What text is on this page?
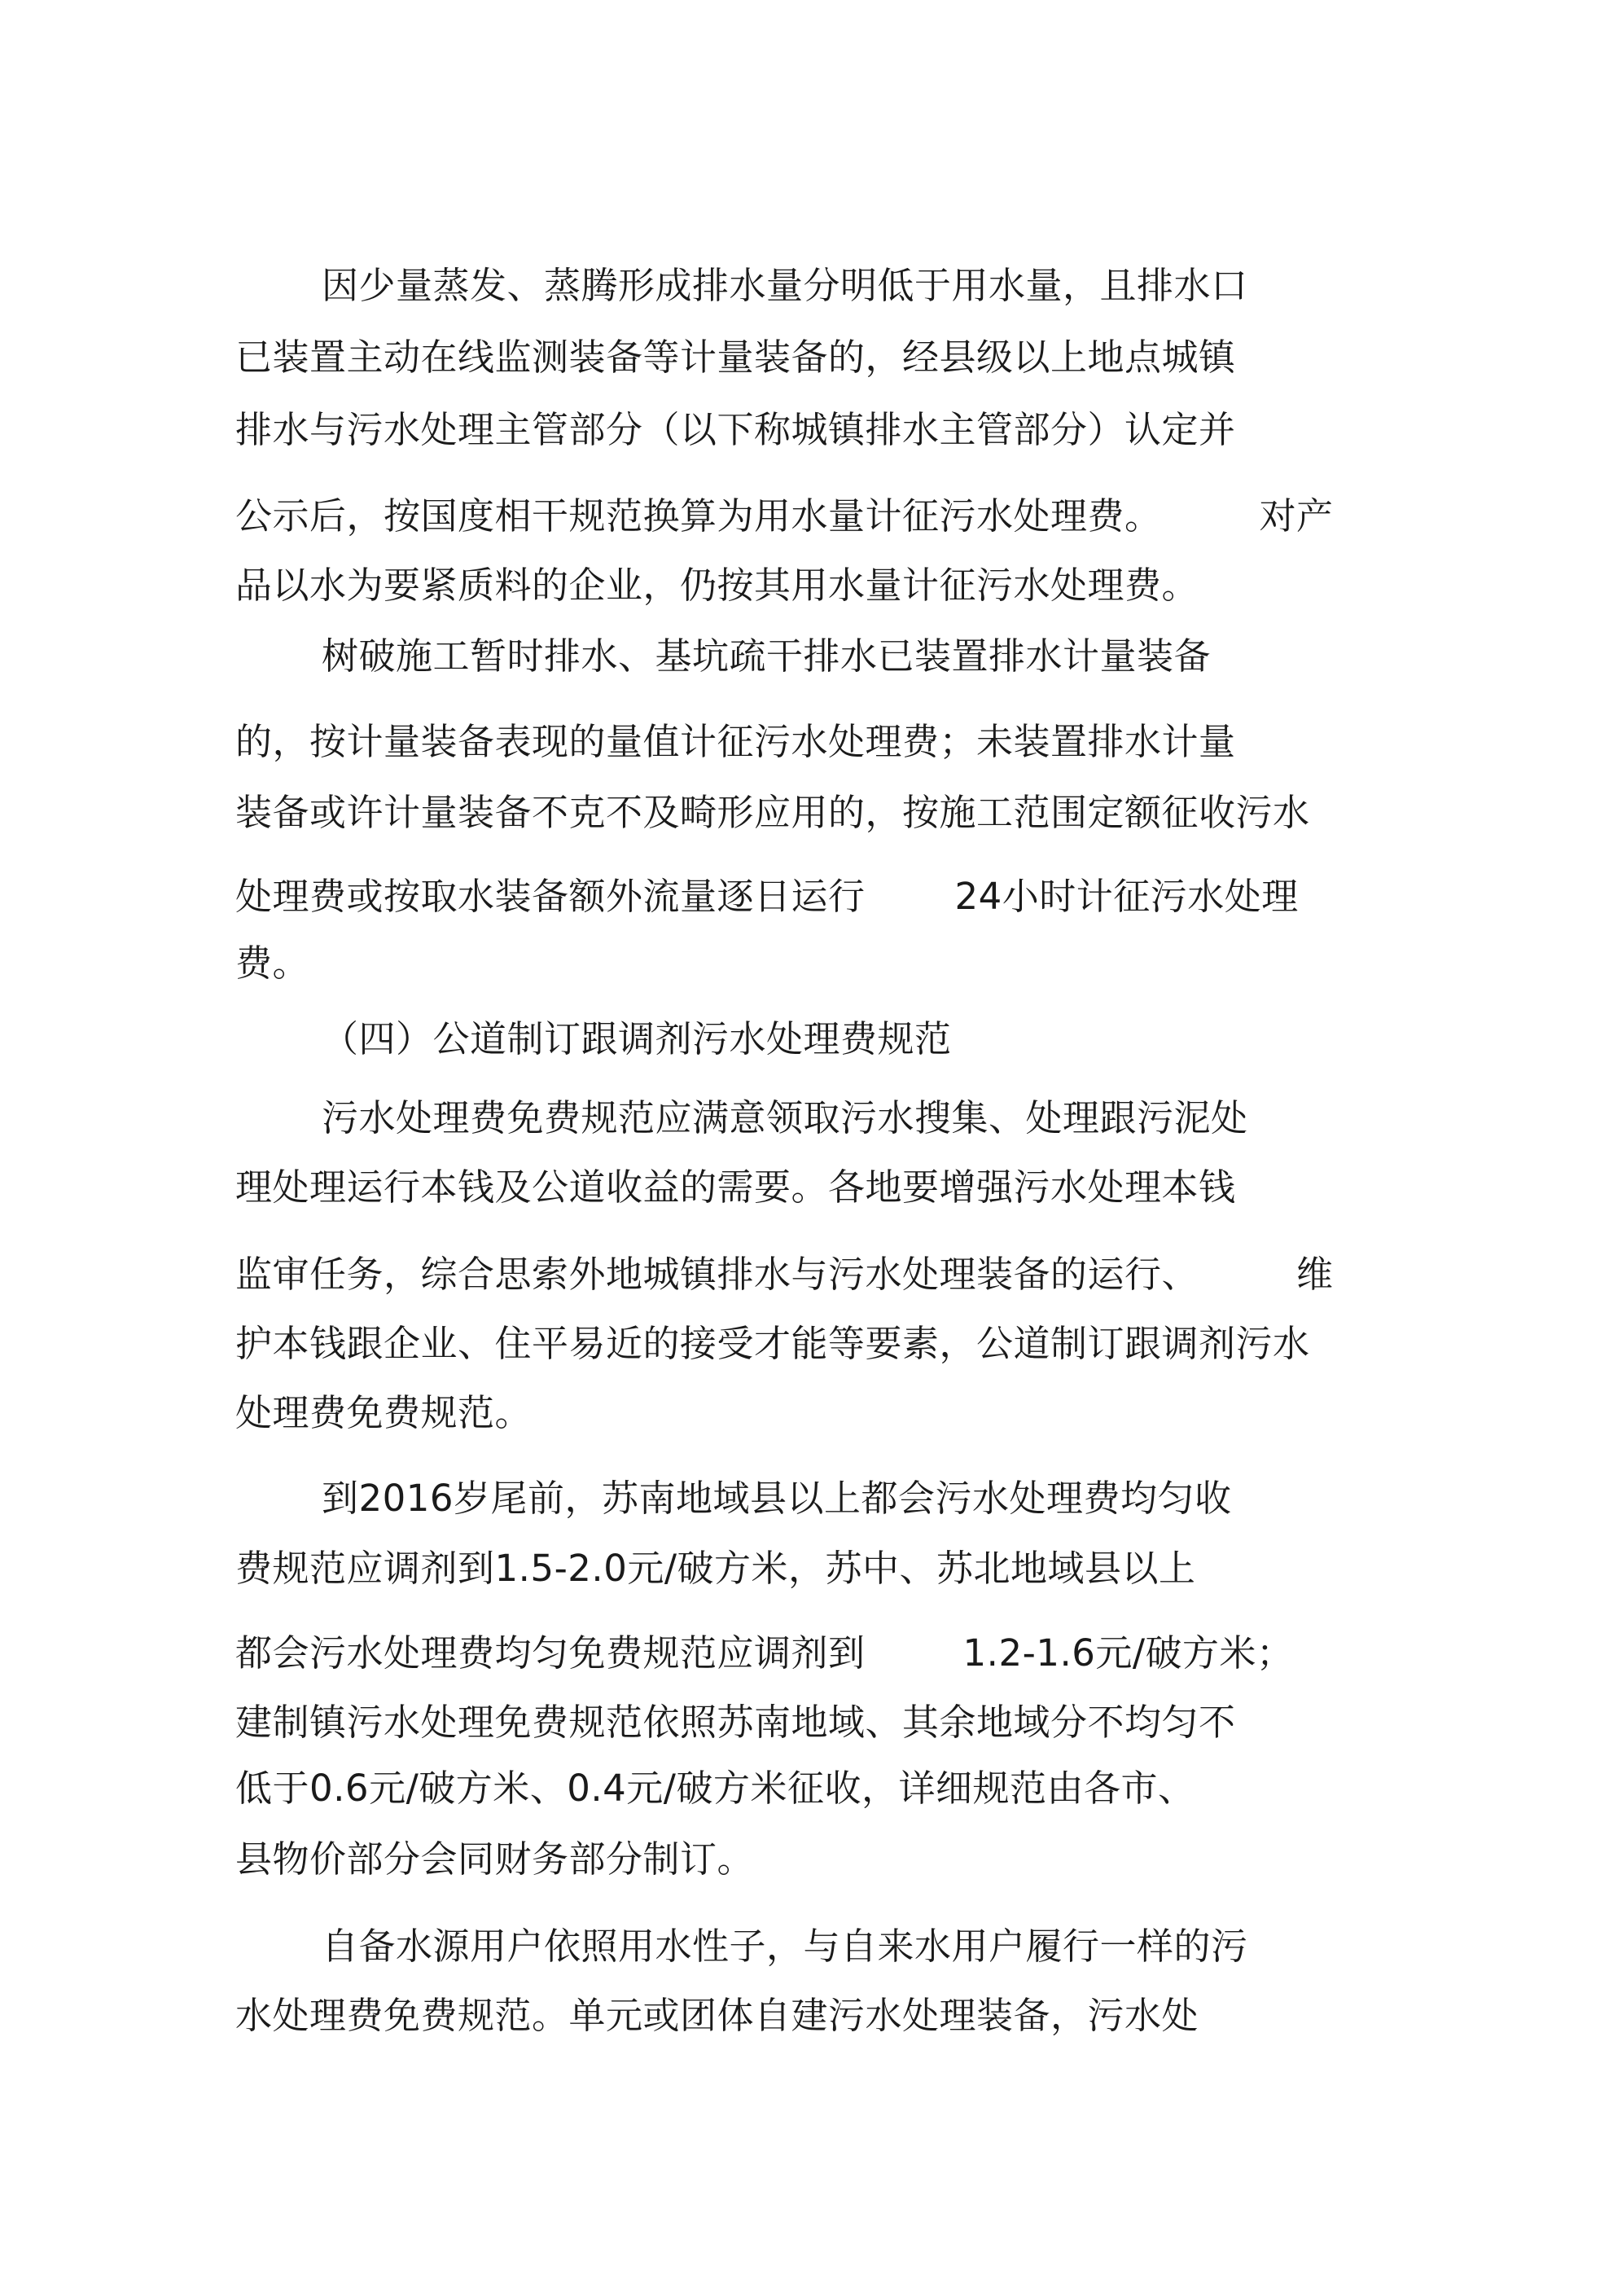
因少量蒸发、蒸腾形成排水量分明低于用水量，且排水口
已装置主动在线监测装备等计量装备的，经县级以上地点城镇
排水与污水处理主管部分（以下称城镇排水主管部分）认定并
公示后，按国度相干规范换算为用水量计征污水处理费。	对产
品以水为要紧质料的企业，仍按其用水量计征污水处理费。
树破施工暂时排水、基坑疏干排水已装置排水计量装备
的，按计量装备表现的量值计征污水处理费；未装置排水计量
装备或许计量装备不克不及畸形应用的，按施工范围定额征收污水
处理费或按取水装备额外流量逐日运行 24小时计征污水处理
费。
（四）公道制订跟调剂污水处理费规范
污水处理费免费规范应满意领取污水搜集、处理跟污泥处
理处理运行本钱及公道收益的需要。各地要增强污水处理本钱
监审任务，综合思索外地城镇排水与污水处理装备的运行、	维
护本钱跟企业、住平易近的接受才能等要素，公道制订跟调剂污水
处理费免费规范。
到2016岁尾前，苏南地域县以上都会污水处理费均匀收
费规范应调剂到1.5-2.0元/破方米，苏中、苏北地域县以上
都会污水处理费均匀免费规范应调剂到	1.2-1.6元/破方米；
建制镇污水处理免费规范依照苏南地域、其余地域分不均匀不
低于0.6元/破方米、0.4元/破方米征收，详细规范由各市、
县物价部分会同财务部分制订。
自备水源用户依照用水性子，与自来水用户履行一样的污
水处理费免费规范。单元或团体自建污水处理装备，污水处
